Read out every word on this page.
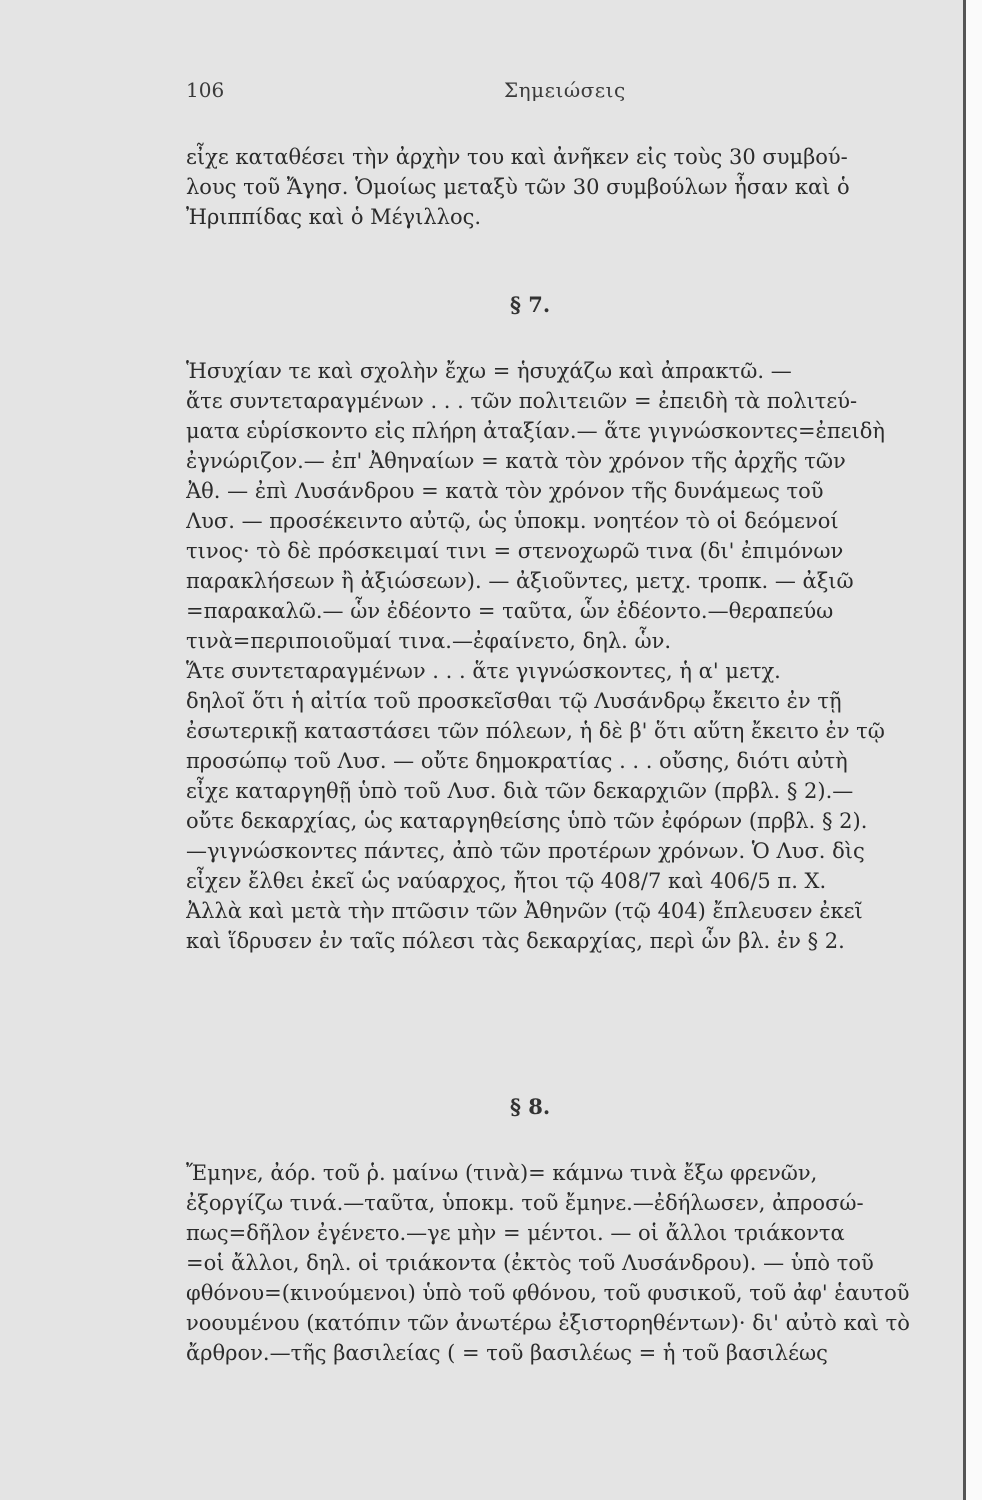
106	Σημειώσεις
εἶχε καταθέσει τὴν ἀρχὴν του καὶ ἀνῆκεν εἰς τοὺς 30 συμβού-
λους τοῦ Ἄγησ. Ὁμοίως μεταξὺ τῶν 30 συμβούλων ἦσαν καὶ ὁ
Ἠριππίδας καὶ ὁ Μέγιλλος.
§ 7.
Ἡσυχίαν τε καὶ σχολὴν ἔχω = ἡσυχάζω καὶ ἀπρακτῶ. —
ἅτε συντεταραγμένων . . . τῶν πολιτειῶν = ἐπειδὴ τὰ πολιτεύ-
ματα εὑρίσκοντο εἰς πλήρη ἀταξίαν.— ἅτε γιγνώσκοντες=ἐπειδὴ
ἐγνώριζον.— ἐπ' Ἀθηναίων = κατὰ τὸν χρόνον τῆς ἀρχῆς τῶν
Ἀθ. — ἐπὶ Λυσάνδρου = κατὰ τὸν χρόνον τῆς δυνάμεως τοῦ
Λυσ. — προσέκειντο αὐτῷ, ὡς ὑποκμ. νοητέον τὸ οἱ δεόμενοί
τινος· τὸ δὲ πρόσκειμαί τινι = στενοχωρῶ τινα (δι' ἐπιμόνων
παρακλήσεων ἢ ἀξιώσεων). — ἀξιοῦντες, μετχ. τροπκ. — ἀξιῶ
=παρακαλῶ.— ὧν ἐδέοντο = ταῦτα, ὧν ἐδέοντο.—θεραπεύω
τινὰ=περιποιοῦμαί τινα.—ἐφαίνετο, δηλ. ὧν.
Ἅτε συντεταραγμένων . . . ἅτε γιγνώσκοντες, ἡ α' μετχ.
δηλοῖ ὅτι ἡ αἰτία τοῦ προσκεῖσθαι τῷ Λυσάνδρῳ ἔκειτο ἐν τῇ
ἐσωτερικῇ καταστάσει τῶν πόλεων, ἡ δὲ β' ὅτι αὕτη ἔκειτο ἐν τῷ
προσώπῳ τοῦ Λυσ. — οὔτε δημοκρατίας . . . οὔσης, διότι αὐτὴ
εἶχε καταργηθῇ ὑπὸ τοῦ Λυσ. διὰ τῶν δεκαρχιῶν (πρβλ. § 2).—
οὔτε δεκαρχίας, ὡς καταργηθείσης ὑπὸ τῶν ἐφόρων (πρβλ. § 2).
—γιγνώσκοντες πάντες, ἀπὸ τῶν προτέρων χρόνων. Ὁ Λυσ. δὶς
εἶχεν ἔλθει ἐκεῖ ὡς ναύαρχος, ἤτοι τῷ 408/7 καὶ 406/5 π. Χ.
Ἀλλὰ καὶ μετὰ τὴν πτῶσιν τῶν Ἀθηνῶν (τῷ 404) ἔπλευσεν ἐκεῖ
καὶ ἵδρυσεν ἐν ταῖς πόλεσι τὰς δεκαρχίας, περὶ ὧν βλ. ἐν § 2.
§ 8.
Ἔμηνε, ἀόρ. τοῦ ῥ. μαίνω (τινὰ)= κάμνω τινὰ ἔξω φρενῶν,
ἐξοργίζω τινά.—ταῦτα, ὑποκμ. τοῦ ἔμηνε.—ἐδήλωσεν, ἀπροσώ-
πως=δῆλον ἐγένετο.—γε μὴν = μέντοι. — οἱ ἄλλοι τριάκοντα
=οἱ ἄλλοι, δηλ. οἱ τριάκοντα (ἐκτὸς τοῦ Λυσάνδρου). — ὑπὸ τοῦ
φθόνου=(κινούμενοι) ὑπὸ τοῦ φθόνου, τοῦ φυσικοῦ, τοῦ ἀφ' ἑαυτοῦ
νοουμένου (κατόπιν τῶν ἀνωτέρω ἐξιστορηθέντων)· δι' αὐτὸ καὶ τὸ
ἄρθρον.—τῆς βασιλείας ( = τοῦ βασιλέως = ἡ τοῦ βασιλέως
